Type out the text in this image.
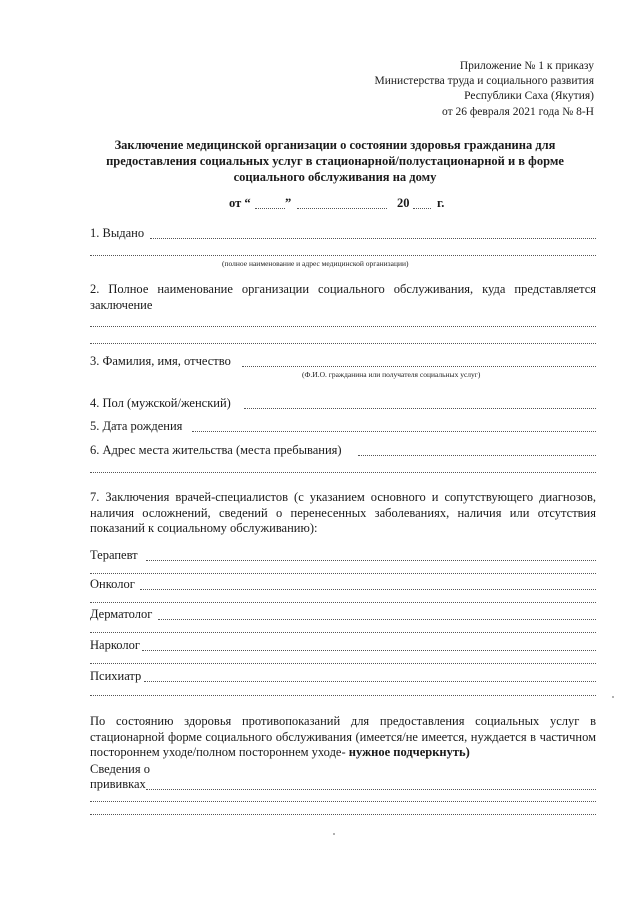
Приложение № 1 к приказу
Министерства труда и социального развития
Республики Саха (Якутия)
от 26 февраля 2021 года № 8-Н
Заключение медицинской организации о состоянии здоровья гражданина для предоставления социальных услуг в стационарной/полустационарной и в форме социального обслуживания на дому
от “	”	20 г.
1. Выдано
(полное наименование и адрес медицинской организации)
2. Полное наименование организации социального обслуживания, куда представляется заключение
3. Фамилия, имя, отчество
(Ф.И.О. гражданина или получателя социальных услуг)
4. Пол (мужской/женский)
5. Дата рождения
6. Адрес места жительства (места пребывания)
7. Заключения врачей-специалистов (с указанием основного и сопутствующего диагнозов, наличия осложнений, сведений о перенесенных заболеваниях, наличия или отсутствия показаний к социальному обслуживанию):
Терапевт
Онколог
Дерматолог
Нарколог
Психиатр
По состоянию здоровья противопоказаний для предоставления социальных услуг в стационарной форме социального обслуживания (имеется/не имеется, нуждается в частичном постороннем уходе/полном постороннем уходе- нужное подчеркнуть)
Сведения о
прививках
